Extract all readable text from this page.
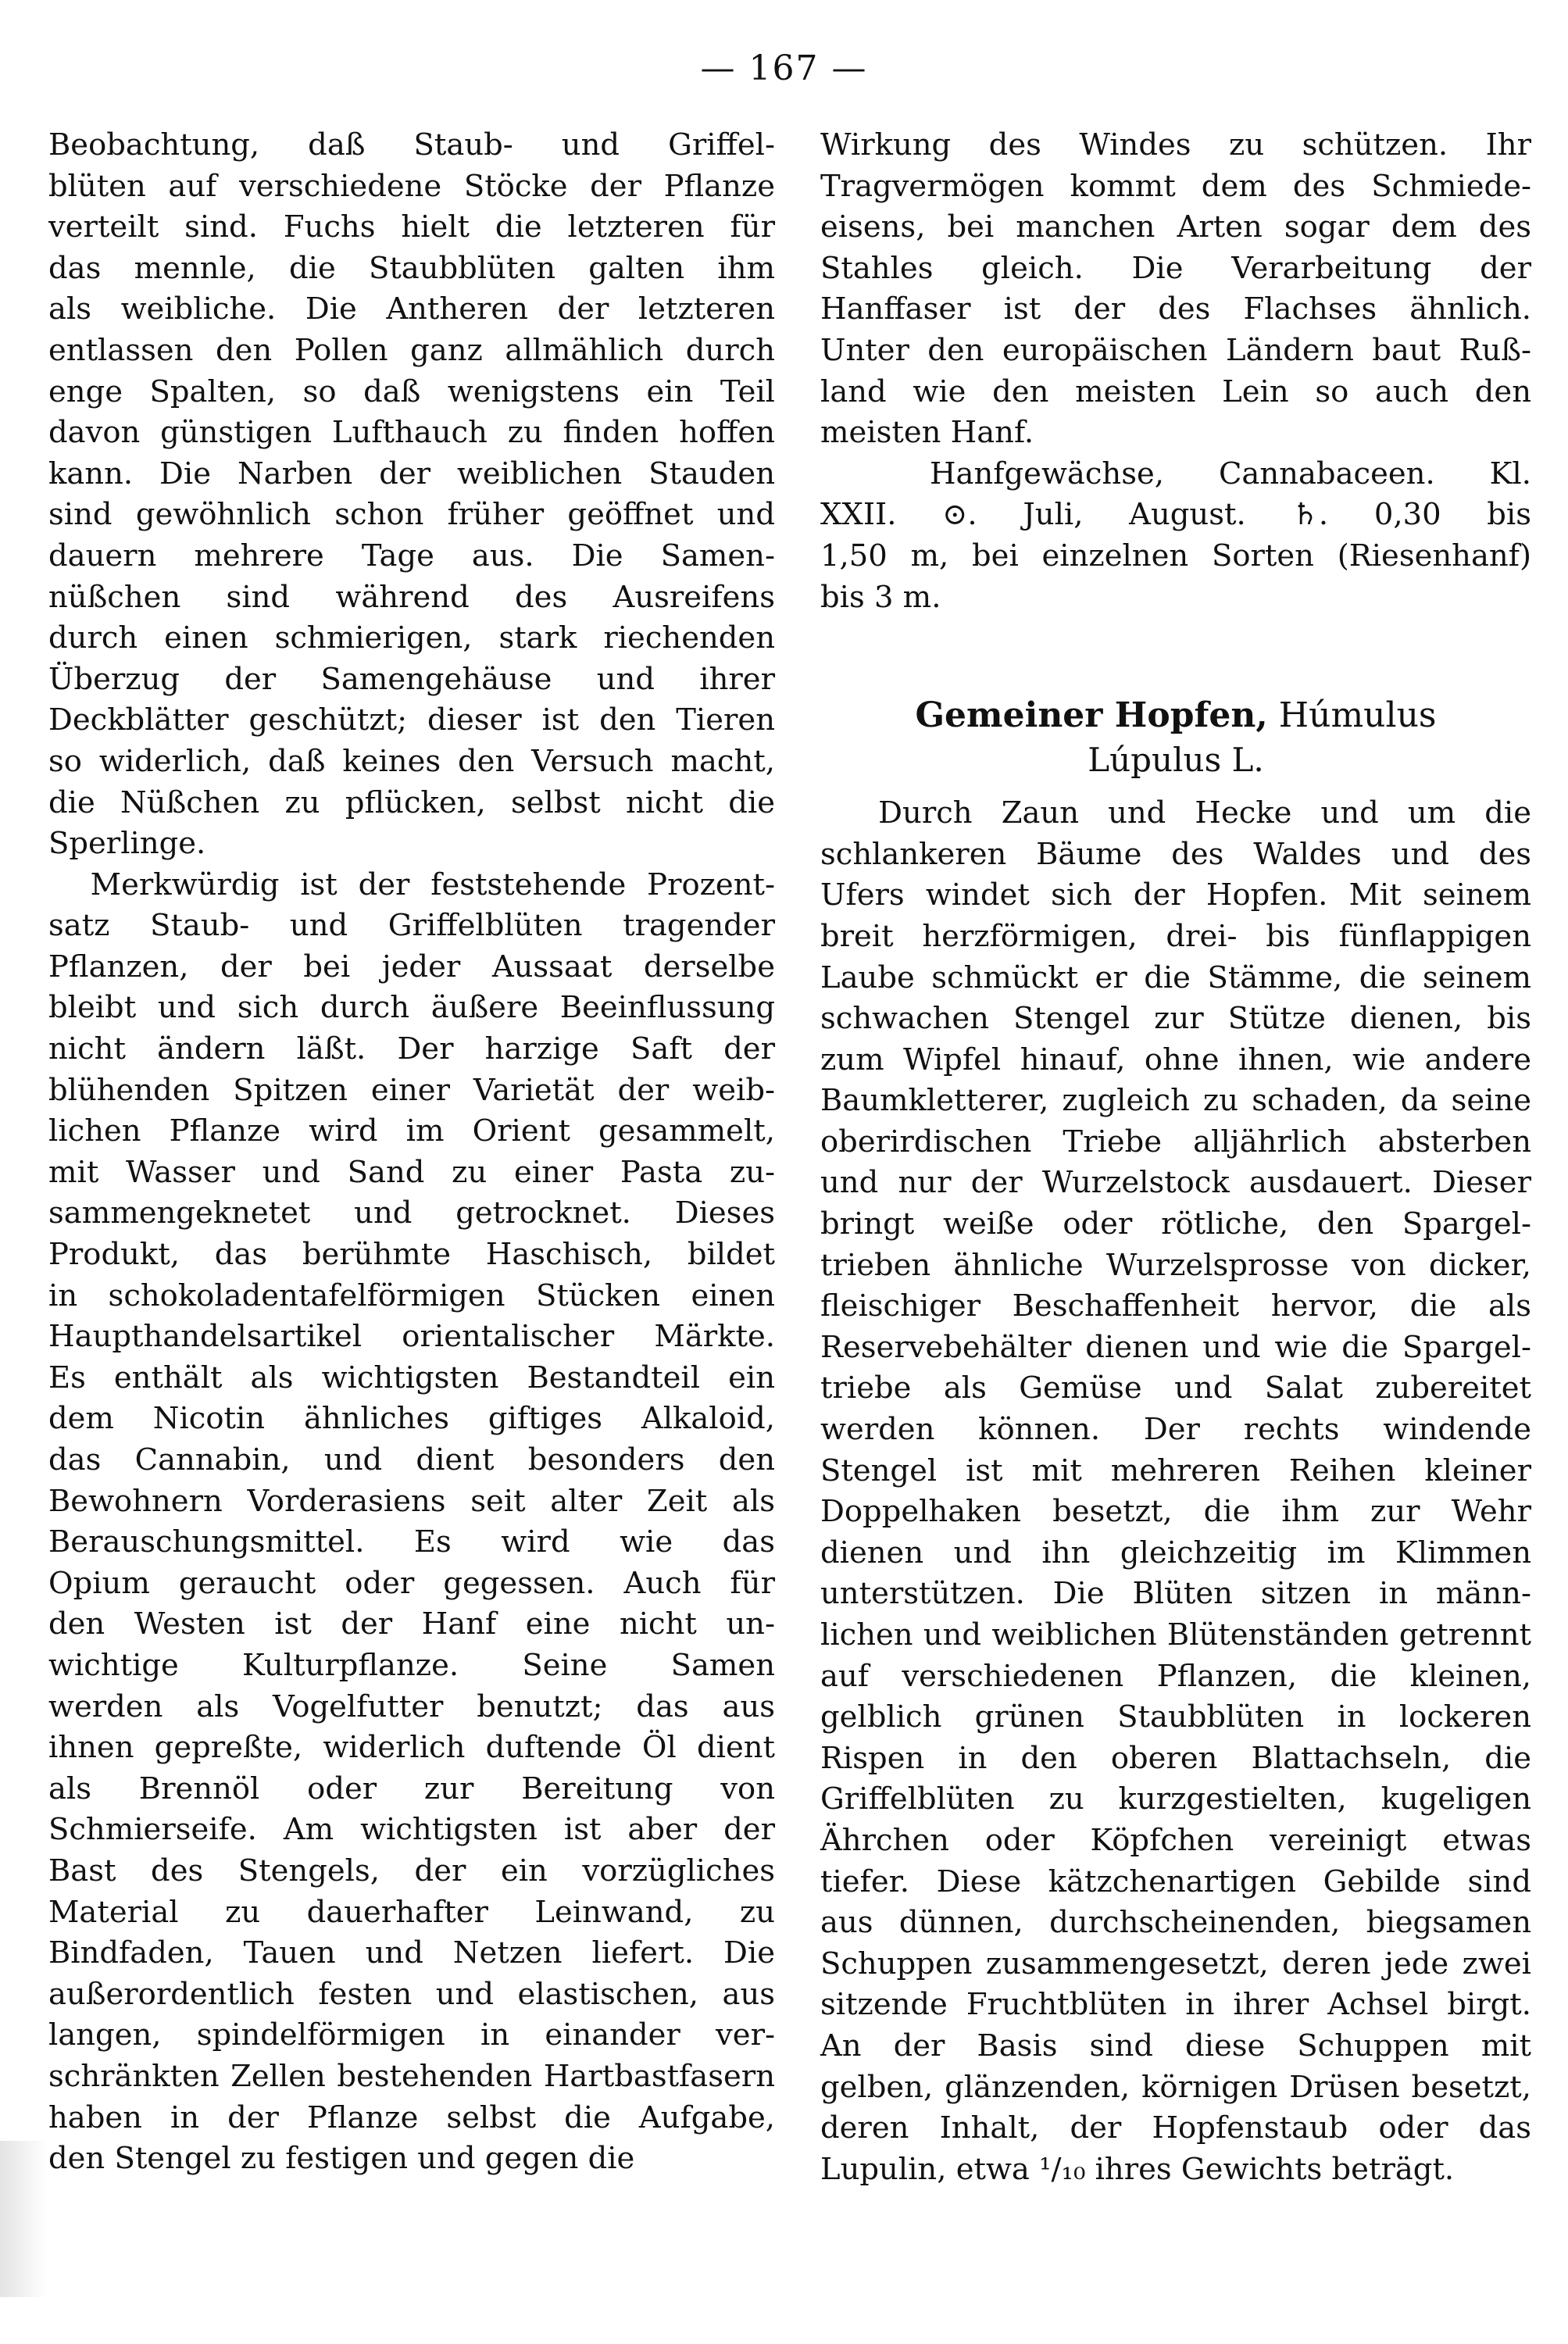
— 167 —
Beobachtung, daß Staub- und Griffel-
blüten auf verschiedene Stöcke der Pflanze
verteilt sind. Fuchs hielt die letzteren für
das mennle, die Staubblüten galten ihm
als weibliche. Die Antheren der letzteren
entlassen den Pollen ganz allmählich durch
enge Spalten, so daß wenigstens ein Teil
davon günstigen Lufthauch zu finden hoffen
kann. Die Narben der weiblichen Stauden
sind gewöhnlich schon früher geöffnet und
dauern mehrere Tage aus. Die Samen-
nüßchen sind während des Ausreifens
durch einen schmierigen, stark riechenden
Überzug der Samengehäuse und ihrer
Deckblätter geschützt; dieser ist den Tieren
so widerlich, daß keines den Versuch macht,
die Nüßchen zu pflücken, selbst nicht die
Sperlinge.
Merkwürdig ist der feststehende Prozent-
satz Staub- und Griffelblüten tragender
Pflanzen, der bei jeder Aussaat derselbe
bleibt und sich durch äußere Beeinflussung
nicht ändern läßt. Der harzige Saft der
blühenden Spitzen einer Varietät der weib-
lichen Pflanze wird im Orient gesammelt,
mit Wasser und Sand zu einer Pasta zu-
sammengeknetet und getrocknet. Dieses
Produkt, das berühmte Haschisch, bildet
in schokoladentafelförmigen Stücken einen
Haupthandelsartikel orientalischer Märkte.
Es enthält als wichtigsten Bestandteil ein
dem Nicotin ähnliches giftiges Alkaloid,
das Cannabin, und dient besonders den
Bewohnern Vorderasiens seit alter Zeit als
Berauschungsmittel. Es wird wie das
Opium geraucht oder gegessen. Auch für
den Westen ist der Hanf eine nicht un-
wichtige Kulturpflanze. Seine Samen
werden als Vogelfutter benutzt; das aus
ihnen gepreßte, widerlich duftende Öl dient
als Brennöl oder zur Bereitung von
Schmierseife. Am wichtigsten ist aber der
Bast des Stengels, der ein vorzügliches
Material zu dauerhafter Leinwand, zu
Bindfaden, Tauen und Netzen liefert. Die
außerordentlich festen und elastischen, aus
langen, spindelförmigen in einander ver-
schränkten Zellen bestehenden Hartbastfasern
haben in der Pflanze selbst die Aufgabe,
den Stengel zu festigen und gegen die
Wirkung des Windes zu schützen. Ihr
Tragvermögen kommt dem des Schmiede-
eisens, bei manchen Arten sogar dem des
Stahles gleich. Die Verarbeitung der
Hanffaser ist der des Flachses ähnlich.
Unter den europäischen Ländern baut Ruß-
land wie den meisten Lein so auch den
meisten Hanf.
Hanfgewächse, Cannabaceen. Kl.
XXII. ⊙. Juli, August. ♄. 0,30 bis
1,50 m, bei einzelnen Sorten (Riesenhanf)
bis 3 m.
Gemeiner Hopfen, Húmulus
Lúpulus L.
Durch Zaun und Hecke und um die
schlankeren Bäume des Waldes und des
Ufers windet sich der Hopfen. Mit seinem
breit herzförmigen, drei- bis fünflappigen
Laube schmückt er die Stämme, die seinem
schwachen Stengel zur Stütze dienen, bis
zum Wipfel hinauf, ohne ihnen, wie andere
Baumkletterer, zugleich zu schaden, da seine
oberirdischen Triebe alljährlich absterben
und nur der Wurzelstock ausdauert. Dieser
bringt weiße oder rötliche, den Spargel-
trieben ähnliche Wurzelsprosse von dicker,
fleischiger Beschaffenheit hervor, die als
Reservebehälter dienen und wie die Spargel-
triebe als Gemüse und Salat zubereitet
werden können. Der rechts windende
Stengel ist mit mehreren Reihen kleiner
Doppelhaken besetzt, die ihm zur Wehr
dienen und ihn gleichzeitig im Klimmen
unterstützen. Die Blüten sitzen in männ-
lichen und weiblichen Blütenständen getrennt
auf verschiedenen Pflanzen, die kleinen,
gelblich grünen Staubblüten in lockeren
Rispen in den oberen Blattachseln, die
Griffelblüten zu kurzgestielten, kugeligen
Ährchen oder Köpfchen vereinigt etwas
tiefer. Diese kätzchenartigen Gebilde sind
aus dünnen, durchscheinenden, biegsamen
Schuppen zusammengesetzt, deren jede zwei
sitzende Fruchtblüten in ihrer Achsel birgt.
An der Basis sind diese Schuppen mit
gelben, glänzenden, körnigen Drüsen besetzt,
deren Inhalt, der Hopfenstaub oder das
Lupulin, etwa ¹/₁₀ ihres Gewichts beträgt.
